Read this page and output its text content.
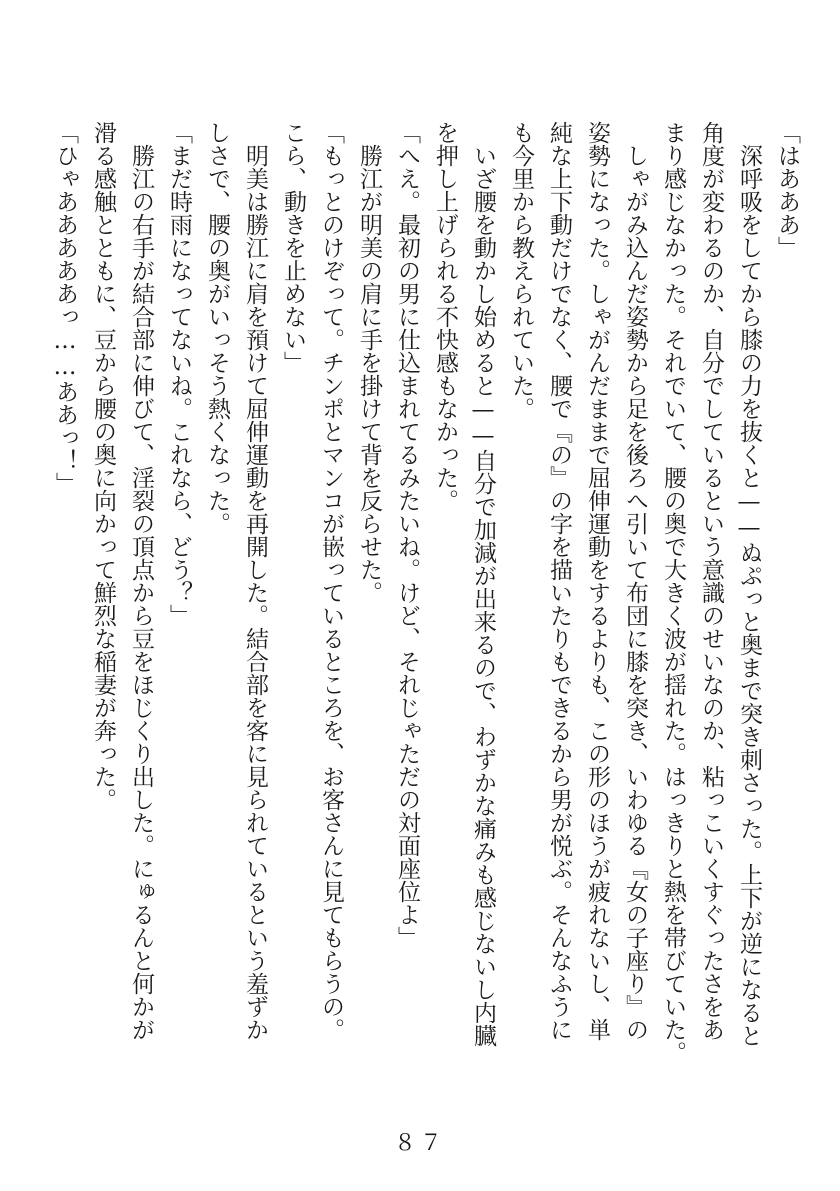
「はあああ」
　深呼吸をしてから膝の力を抜くと——ぬぷっと奥まで突き刺さった。上下が逆になると
角度が変わるのか、自分でしているという意識のせいなのか、粘っこいくすぐったさをあ
まり感じなかった。それでいて、腰の奥で大きく波が揺れた。はっきりと熱を帯びていた。
　しゃがみ込んだ姿勢から足を後ろへ引いて布団に膝を突き、いわゆる『女の子座り』の
姿勢になった。しゃがんだままで屈伸運動をするよりも、この形のほうが疲れないし、単
純な上下動だけでなく、腰で『の』の字を描いたりもできるから男が悦ぶ。そんなふうに
も今里から教えられていた。
　いざ腰を動かし始めると——自分で加減が出来るので、わずかな痛みも感じないし内臓
を押し上げられる不快感もなかった。
「へえ。最初の男に仕込まれてるみたいね。けど、それじゃただの対面座位よ」
　勝江が明美の肩に手を掛けて背を反らせた。
「もっとのけぞって。チンポとマンコが嵌っているところを、お客さんに見てもらうの。
こら、動きを止めない」
　明美は勝江に肩を預けて屈伸運動を再開した。結合部を客に見られているという羞ずか
しさで、腰の奥がいっそう熱くなった。
「まだ時雨になってないね。これなら、どう？」
　勝江の右手が結合部に伸びて、淫裂の頂点から豆をほじくり出した。にゅるんと何かが
滑る感触とともに、豆から腰の奥に向かって鮮烈な稲妻が奔った。
「ひゃあああああっ……ああっ！」
８７
